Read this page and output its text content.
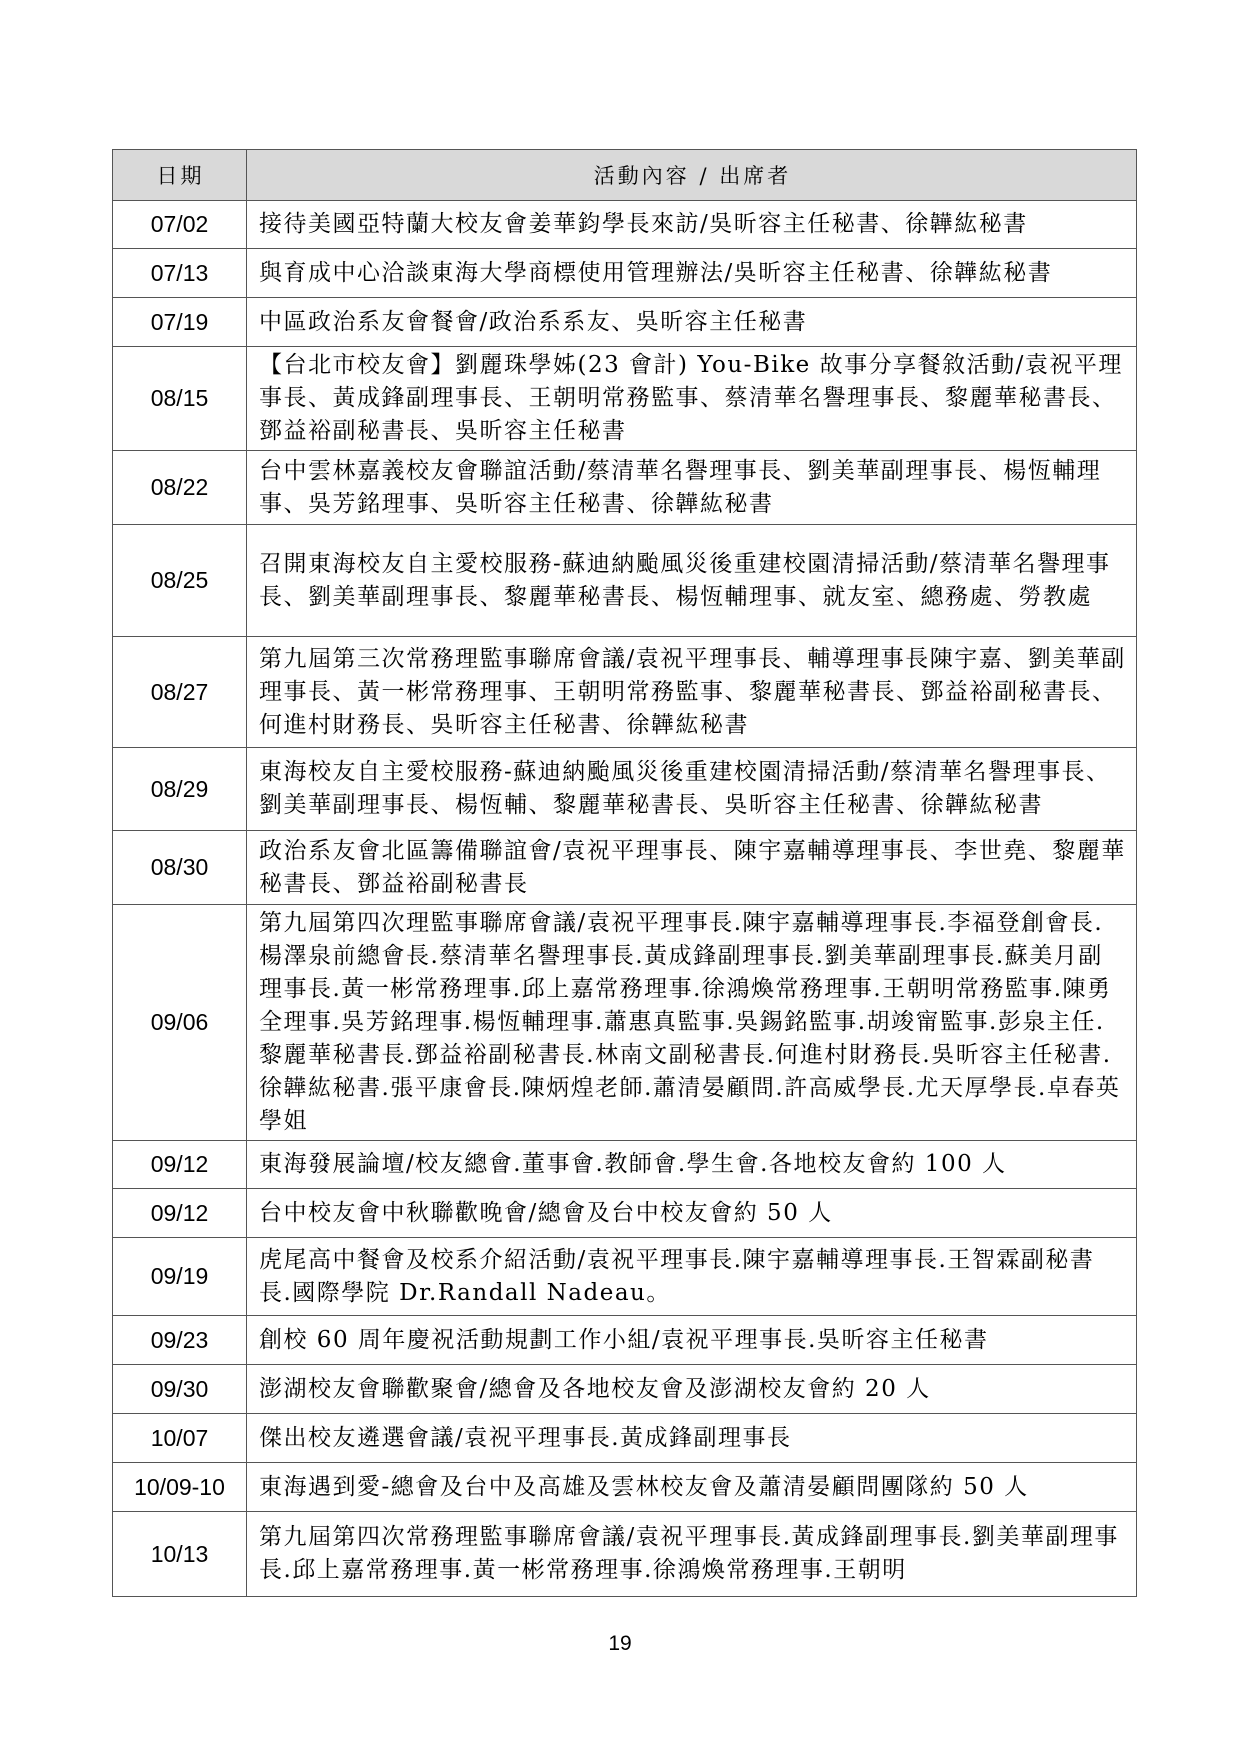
日期	活動內容 / 出席者
07/02	接待美國亞特蘭大校友會姜華鈞學長來訪/吳昕容主任秘書、徐韡紘秘書
07/13	與育成中心洽談東海大學商標使用管理辦法/吳昕容主任秘書、徐韡紘秘書
07/19	中區政治系友會餐會/政治系系友、吳昕容主任秘書
08/15	【台北市校友會】劉麗珠學姊(23 會計) You-Bike 故事分享餐敘活動/袁祝平理事長、黃成鋒副理事長、王朝明常務監事、蔡清華名譽理事長、黎麗華秘書長、鄧益裕副秘書長、吳昕容主任秘書
08/22	台中雲林嘉義校友會聯誼活動/蔡清華名譽理事長、劉美華副理事長、楊恆輔理事、吳芳銘理事、吳昕容主任秘書、徐韡紘秘書
08/25	召開東海校友自主愛校服務-蘇迪納颱風災後重建校園清掃活動/蔡清華名譽理事長、劉美華副理事長、黎麗華秘書長、楊恆輔理事、就友室、總務處、勞教處
08/27	第九屆第三次常務理監事聯席會議/袁祝平理事長、輔導理事長陳宇嘉、劉美華副理事長、黃一彬常務理事、王朝明常務監事、黎麗華秘書長、鄧益裕副秘書長、何進村財務長、吳昕容主任秘書、徐韡紘秘書
08/29	東海校友自主愛校服務-蘇迪納颱風災後重建校園清掃活動/蔡清華名譽理事長、劉美華副理事長、楊恆輔、黎麗華秘書長、吳昕容主任秘書、徐韡紘秘書
08/30	政治系友會北區籌備聯誼會/袁祝平理事長、陳宇嘉輔導理事長、李世堯、黎麗華秘書長、鄧益裕副秘書長
09/06	第九屆第四次理監事聯席會議/袁祝平理事長.陳宇嘉輔導理事長.李福登創會長.楊澤泉前總會長.蔡清華名譽理事長.黃成鋒副理事長.劉美華副理事長.蘇美月副理事長.黃一彬常務理事.邱上嘉常務理事.徐鴻煥常務理事.王朝明常務監事.陳勇全理事.吳芳銘理事.楊恆輔理事.蕭惠真監事.吳錫銘監事.胡竣甯監事.彭泉主任.黎麗華秘書長.鄧益裕副秘書長.林南文副秘書長.何進村財務長.吳昕容主任秘書.徐韡紘秘書.張平康會長.陳炳煌老師.蕭清晏顧問.許高威學長.尤天厚學長.卓春英學姐
09/12	東海發展論壇/校友總會.董事會.教師會.學生會.各地校友會約 100 人
09/12	台中校友會中秋聯歡晚會/總會及台中校友會約 50 人
09/19	虎尾高中餐會及校系介紹活動/袁祝平理事長.陳宇嘉輔導理事長.王智霖副秘書長.國際學院 Dr.Randall Nadeau。
09/23	創校 60 周年慶祝活動規劃工作小組/袁祝平理事長.吳昕容主任秘書
09/30	澎湖校友會聯歡聚會/總會及各地校友會及澎湖校友會約 20 人
10/07	傑出校友遴選會議/袁祝平理事長.黃成鋒副理事長
10/09-10	東海遇到愛-總會及台中及高雄及雲林校友會及蕭清晏顧問團隊約 50 人
10/13	第九屆第四次常務理監事聯席會議/袁祝平理事長.黃成鋒副理事長.劉美華副理事長.邱上嘉常務理事.黃一彬常務理事.徐鴻煥常務理事.王朝明
19
